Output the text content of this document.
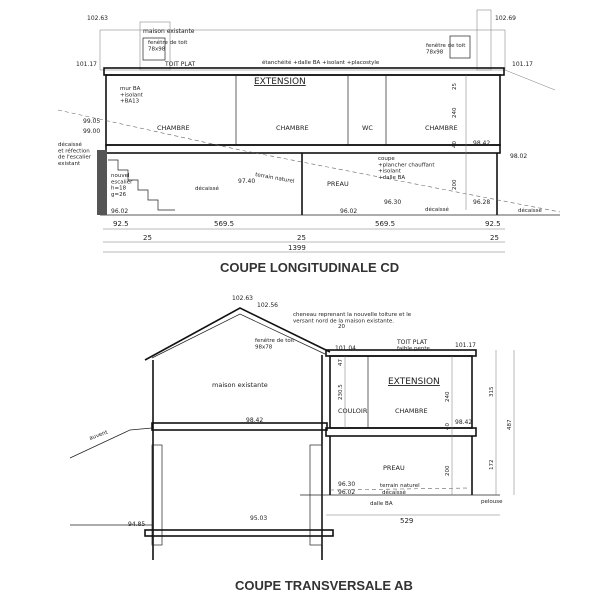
102.63	102.69
maison existante
fenêtre de toit 78x98
fenêtre de toit 78x98
TOIT PLAT	étanchéité +dalle BA +isolant +placostyle
101.17	101.17
EXTENSION
mur BA +isolant +BA13
CHAMBRE	CHAMBRE	WC	CHAMBRE
25
240
40
200
98.42
98.02
99.05
99.00
décaissé et réfection de l'escalier existant
nouvel escalier h=18 g=26
décaissé
terrain naturel
97.40	PREAU
coupe +plancher chauffant +isolant +dalle BA
96.02	96.02
96.30	96.28
décaissé	décaissé
92.5	569.5	569.5	92.5
25	25	25
1399
COUPE LONGITUDINALE CD
102.63
102.56
maison existante
98.42
95.03
94.85
auvent
cheneau reprenant la nouvelle toiture et le versant nord de la maison existante.
20
fenêtre de toit 98x78	101.04
TOIT PLAT
faible pente	101.17
EXTENSION
COULOIR	CHAMBRE
98.42
PREAU
96.30
96.02
terrain naturel
décaissé
dalle BA	pelouse
47
230.5	240
40
200
315
487
172
529
COUPE TRANSVERSALE AB
